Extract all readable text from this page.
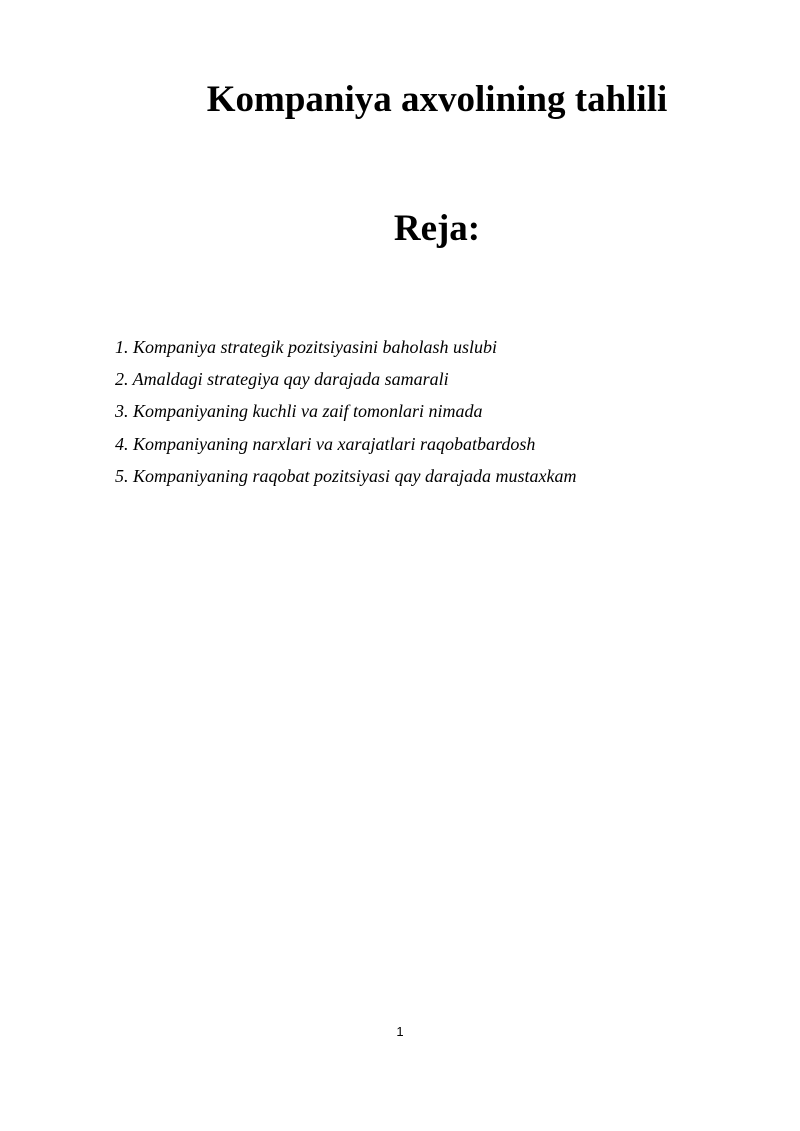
Kompaniya axvolining tahlili
Reja:
1. Kompaniya strategik pozitsiyasini baholash uslubi
2. Amaldagi strategiya qay darajada samarali
3. Kompaniyaning kuchli va zaif tomonlari nimada
4. Kompaniyaning narxlari va xarajatlari raqobatbardosh
5. Kompaniyaning raqobat pozitsiyasi qay darajada mustaxkam
1
